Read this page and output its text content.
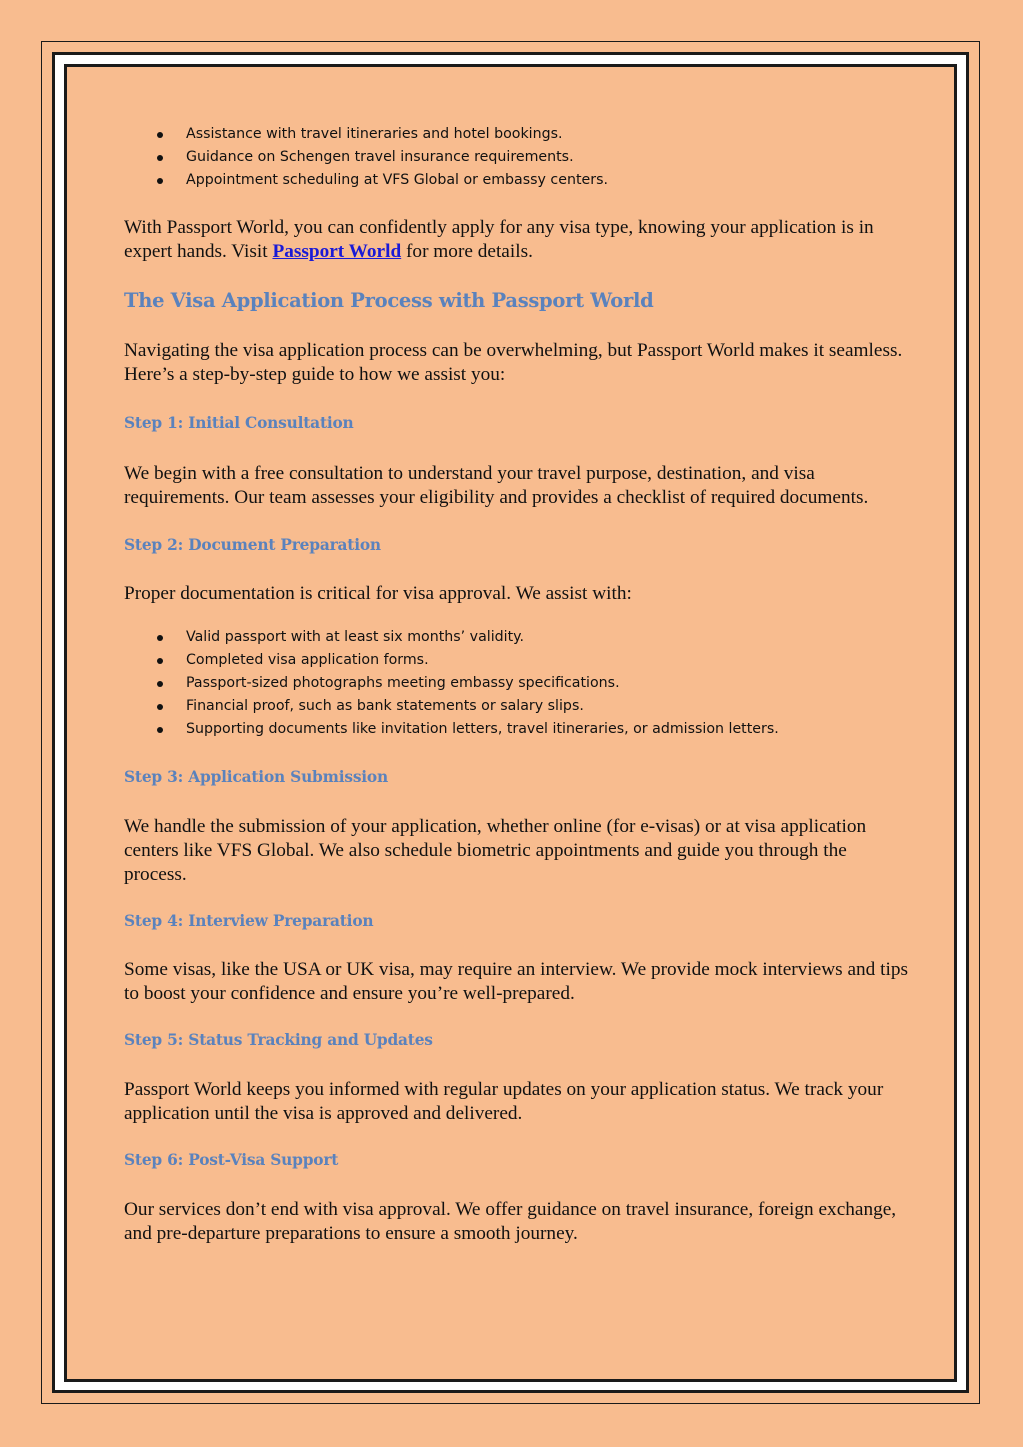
Assistance with travel itineraries and hotel bookings.
Guidance on Schengen travel insurance requirements.
Appointment scheduling at VFS Global or embassy centers.

With Passport World, you can confidently apply for any visa type, knowing your application is in expert hands. Visit Passport World for more details.

The Visa Application Process with Passport World

Navigating the visa application process can be overwhelming, but Passport World makes it seamless. Here’s a step-by-step guide to how we assist you:

Step 1: Initial Consultation

We begin with a free consultation to understand your travel purpose, destination, and visa requirements. Our team assesses your eligibility and provides a checklist of required documents.

Step 2: Document Preparation

Proper documentation is critical for visa approval. We assist with:

Valid passport with at least six months’ validity.
Completed visa application forms.
Passport-sized photographs meeting embassy specifications.
Financial proof, such as bank statements or salary slips.
Supporting documents like invitation letters, travel itineraries, or admission letters.
Step 3: Application Submission

We handle the submission of your application, whether online (for e-visas) or at visa application centers like VFS Global. We also schedule biometric appointments and guide you through the process.

Step 4: Interview Preparation

Some visas, like the USA or UK visa, may require an interview. We provide mock interviews and tips to boost your confidence and ensure you’re well-prepared.

Step 5: Status Tracking and Updates

Passport World keeps you informed with regular updates on your application status. We track your application until the visa is approved and delivered.

Step 6: Post-Visa Support

Our services don’t end with visa approval. We offer guidance on travel insurance, foreign exchange, and pre-departure preparations to ensure a smooth journey.
